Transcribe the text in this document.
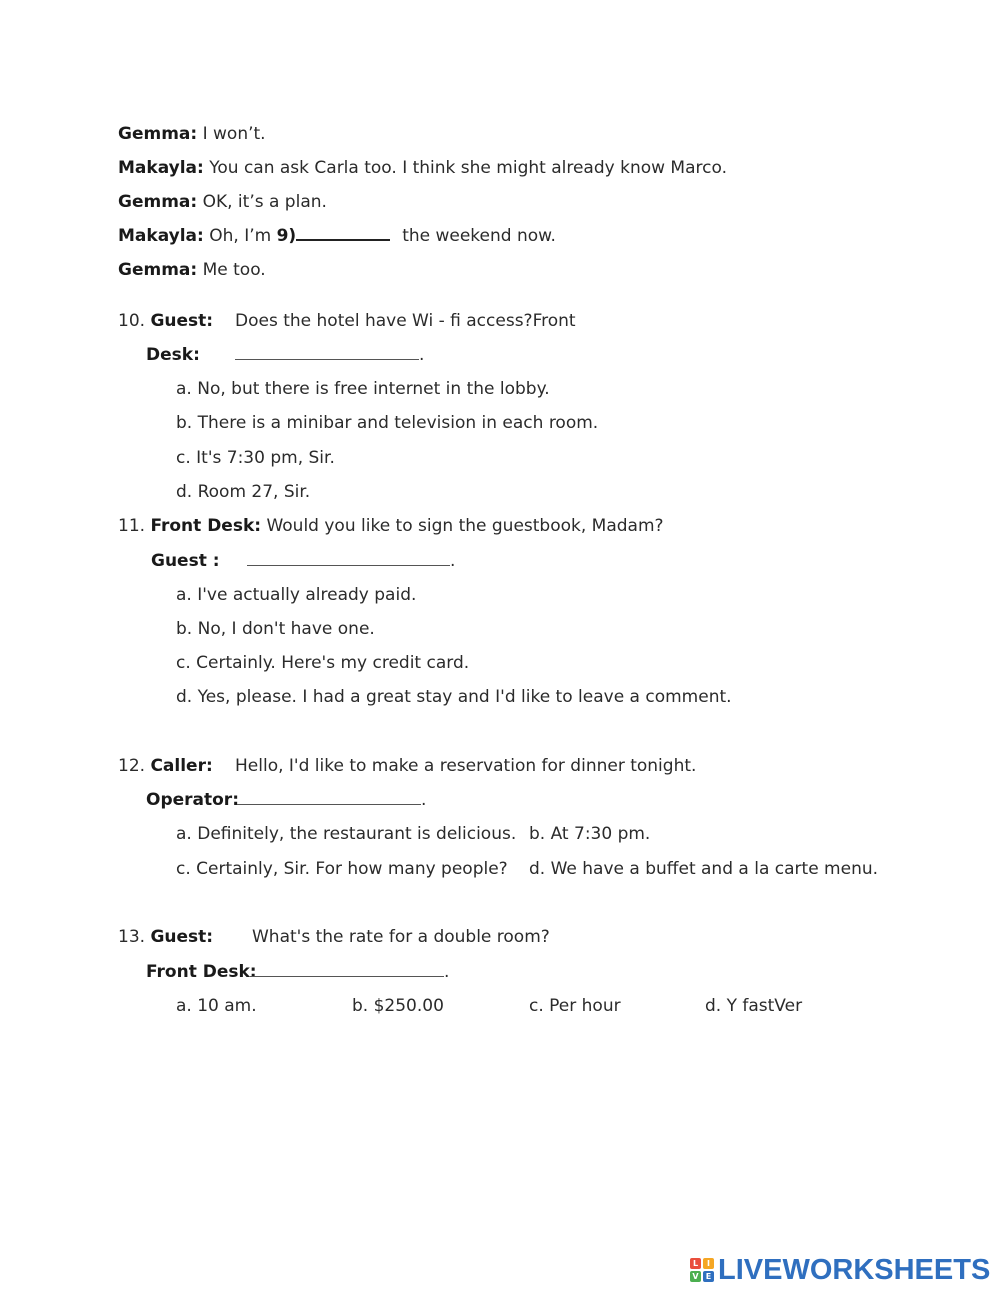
Gemma: I won’t.
Makayla: You can ask Carla too. I think she might already know Marco.
Gemma: OK, it’s a plan.
Makayla: Oh, I’m 9)	the weekend now.
Gemma: Me too.
10. Guest: Does the hotel have Wi - fi access?Front
Desk:	.
a. No, but there is free internet in the lobby.
b. There is a minibar and television in each room.
c. It's 7:30 pm, Sir.
d. Room 27, Sir.
11. Front Desk: Would you like to sign the guestbook, Madam?
Guest :	.
a. I've actually already paid.
b. No, I don't have one.
c. Certainly. Here's my credit card.
d. Yes, please. I had a great stay and I'd like to leave a comment.
12. Caller: Hello, I'd like to make a reservation for dinner tonight.
Operator:	.
a. Definitely, the restaurant is delicious. b. At 7:30 pm.
c. Certainly, Sir. For how many people? d. We have a buffet and a la carte menu.
13. Guest: What's the rate for a double room?
Front Desk:	.
a. 10 am.	b. $250.00	c. Per hour	d. Y fastVer
L	I
V E LIVEWORKSHEETS
